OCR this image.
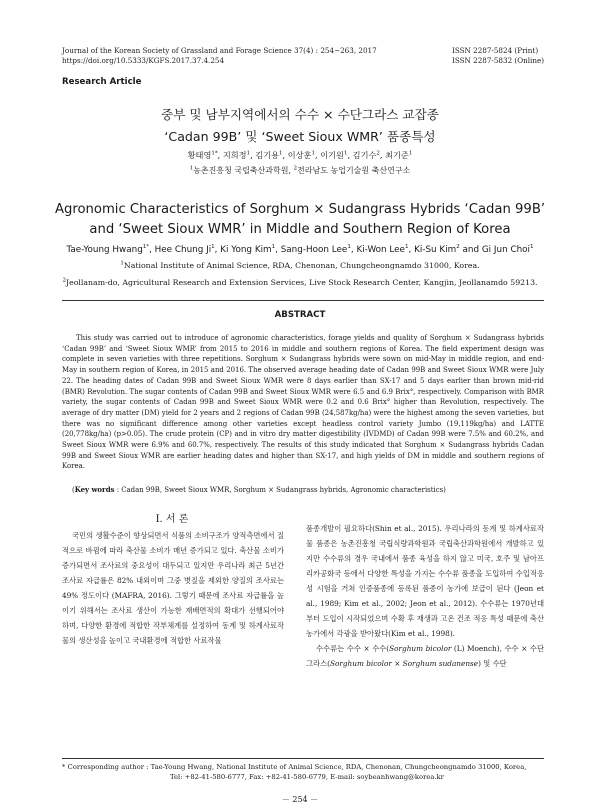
Journal of the Korean Society of Grassland and Forage Science 37(4) : 254~263, 2017
https://doi.org/10.5333/KGFS.2017.37.4.254
ISSN 2287-5824 (Print)
ISSN 2287-5832 (Online)
Research Article
중부 및 남부지역에서의 수수 × 수단그라스 교잡종
‘Cadan 99B’ 및 ‘Sweet Sioux WMR’ 품종특성
황태영$^{1*}$, 지희정$^1$, 김기용$^1$, 이상훈$^1$, 이기원$^1$, 김기수$^2$, 최기준$^1$
$^1$농촌진흥청 국립축산과학원, $^2$전라남도 농업기술원 축산연구소
Agronomic Characteristics of Sorghum × Sudangrass Hybrids ‘Cadan 99B’
and ‘Sweet Sioux WMR’ in Middle and Southern Region of Korea
Tae-Young Hwang$^{1*}$, Hee Chung Ji$^1$, Ki Yong Kim$^1$, Sang-Hoon Lee$^1$, Ki-Won Lee$^1$, Ki-Su Kim$^2$ and Gi Jun Choi$^1$
$^1$National Institute of Animal Science, RDA, Chenonan, Chungcheongnamdo 31000, Korea.
$^2$Jeollanam-do, Agricultural Research and Extension Services, Live Stock Research Center, Kangjin, Jeollanamdo 59213.
ABSTRACT
This study was carried out to introduce of agronomic characteristics, forage yields and quality of Sorghum × Sudangrass hybrids ‘Cadan 99B’ and ‘Sweet Sioux WMR’ from 2015 to 2016 in middle and southern regions of Korea. The field experiment design was complete in seven varieties with three repetitions. Sorghum × Sudangrass hybrids were sown on mid-May in middle region, and end-May in southern region of Korea, in 2015 and 2016. The observed average heading date of Cadan 99B and Sweet Sioux WMR were July 22. The heading dates of Cadan 99B and Sweet Sioux WMR were 8 days earlier than SX-17 and 5 days earlier than brown mid-rid (BMR) Revolution. The sugar contents of Cadan 99B and Sweet Sioux WMR were 6.5 and 6.9 Brix°, respectively. Comparison with BMR variety, the sugar contents of Cadan 99B and Sweet Sioux WMR were 0.2 and 0.6 Brix° higher than Revolution, respectively. The average of dry matter (DM) yield for 2 years and 2 regions of Cadan 99B (24,587kg/ha) were the highest among the seven varieties, but there was no significant difference among other varieties except headless control variety Jumbo (19,119kg/ha) and LATTE (20,778kg/ha) (p>0.05). The crude protein (CP) and in vitro dry matter digestibility (IVDMD) of Cadan 99B were 7.5% and 60.2%, and Sweet Sioux WMR were 6.9% and 60.7%, respectively. The results of this study indicated that Sorghum × Sudangrass hybrids Cadan 99B and Sweet Sioux WMR are earlier heading dates and higher than SX-17, and high yields of DM in middle and southern regions of Korea.
(Key words : Cadan 99B, Sweet Sioux WMR, Sorghum × Sudangrass hybrids, Agronomic characteristics)
Ⅰ. 서 론

국민의 생활수준이 향상되면서 식품의 소비구조가 양적측면에서 질적으로 바뀜에 따라 축산물 소비가 매년 증가되고 있다. 축산물 소비가 증가되면서 조사료의 중요성이 대두되고 있지만 우리나라 최근 5년간 조사료 자급률은 82% 내외이며 그중 볏짚을 제외한 양질의 조사료는 49% 정도이다 (MAFRA, 2016). 그렇기 때문에 조사료 자급률을 높이기 위해서는 조사료 생산이 가능한 재배면적의 확대가 선행되어야 하며, 다양한 환경에 적합한 작부체계를 설정하여 동계 및 하계사료작물의 생산성을 높이고 국내환경에 적합한 사료작물

품종개발이 필요하다(Shin et al., 2015). 우리나라의 동계 및 하계사료작물 품종은 농촌진흥청 국립식량과학원과 국립축산과학원에서 개발하고 있지만 수수류의 경우 국내에서 품종 육성을 하지 않고 미국, 호주 및 남아프리카공화국 등에서 다양한 특성을 가지는 수수류 품종을 도입하여 수입적응성 시험을 거쳐 인증품종에 등록된 품종이 농가에 보급이 된다 (Jeon et al., 1989; Kim et al., 2002; Jeon et al., 2012). 수수류는 1970년대부터 도입이 시작되었으며 수확 후 재생과 고온 건조 적응 특성 때문에 축산농가에서 각광을 받아왔다(Kim et al., 1998).

수수류는 수수 × 수수(Sorghum bicolor (L) Moench), 수수 × 수단그라스(Sorghum bicolor × Sorghum sudanense) 및 수단

* Corresponding author : Tae-Young Hwang, National Institute of Animal Science, RDA, Chenonan, Chungcheongnamdo 31000, Korea,
Tel: +82-41-580-6777, Fax: +82-41-580-6779, E-mail: soybeanhwang@korea.kr
－ 254 －
